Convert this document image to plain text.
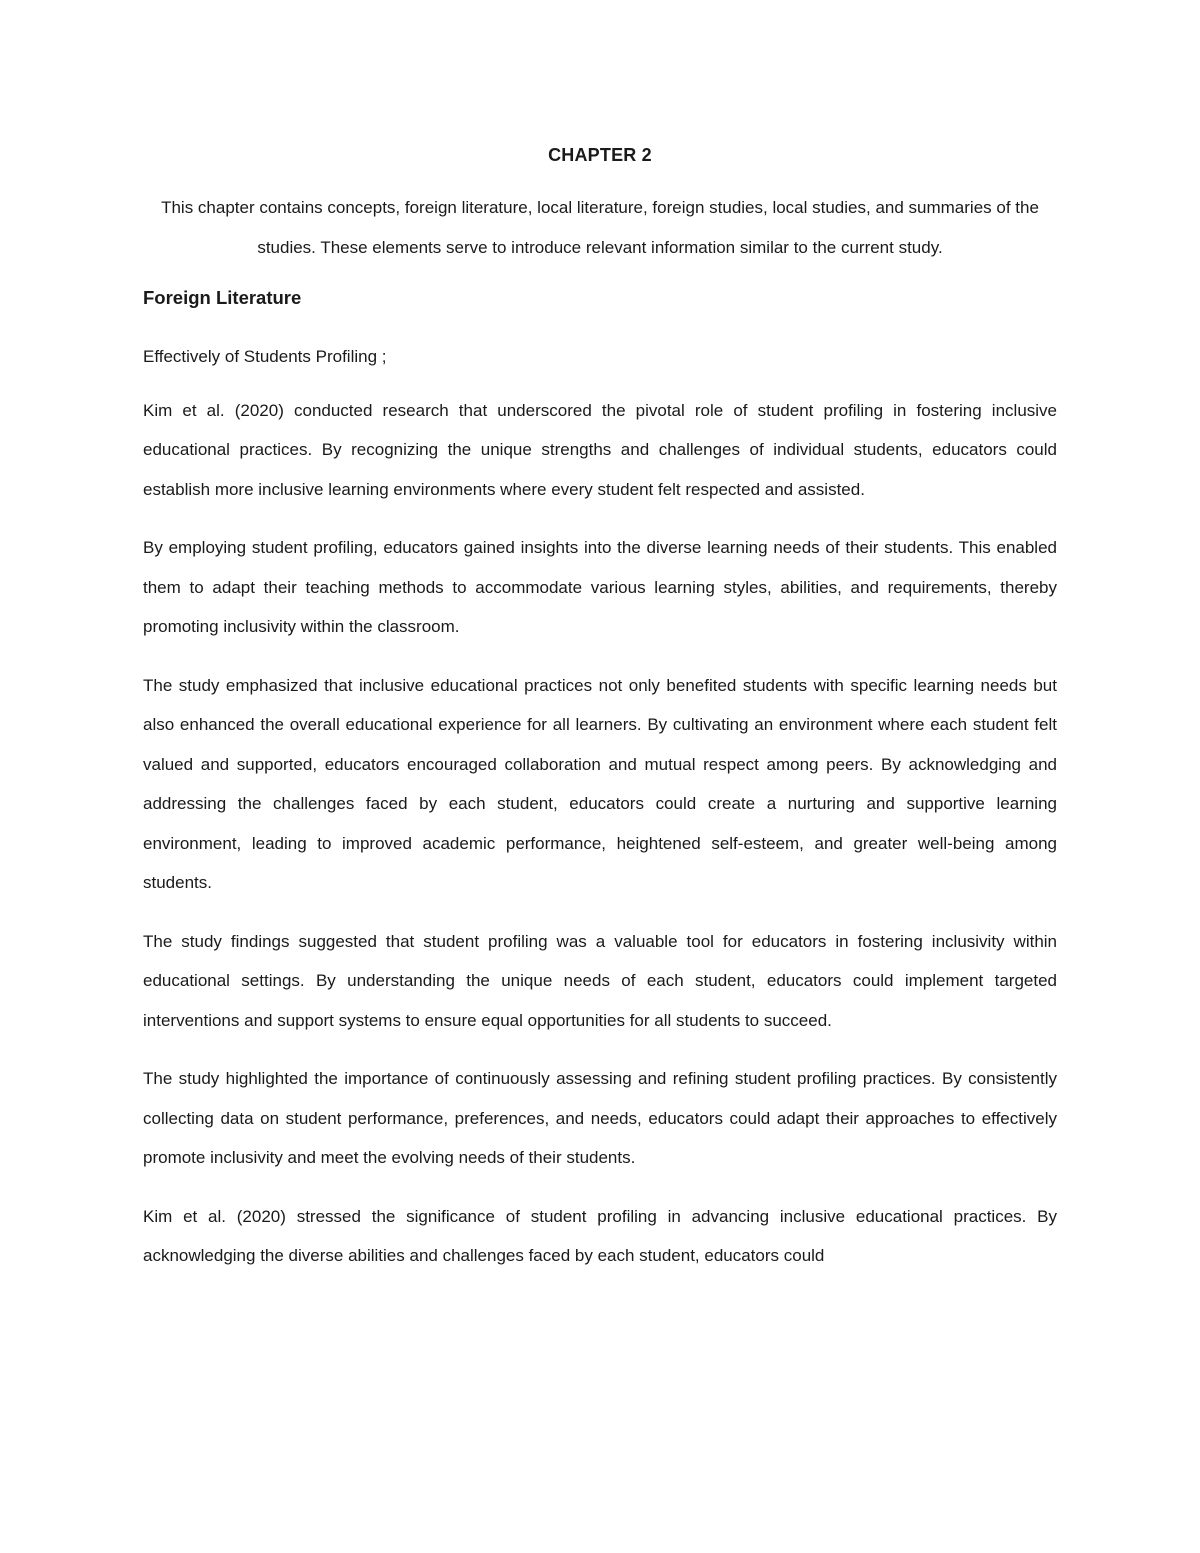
CHAPTER 2
This chapter contains concepts, foreign literature, local literature, foreign studies, local studies, and summaries of the studies. These elements serve to introduce relevant information similar to the current study.
Foreign Literature
Effectively of Students Profiling ;
Kim et al. (2020) conducted research that underscored the pivotal role of student profiling in fostering inclusive educational practices. By recognizing the unique strengths and challenges of individual students, educators could establish more inclusive learning environments where every student felt respected and assisted.
By employing student profiling, educators gained insights into the diverse learning needs of their students. This enabled them to adapt their teaching methods to accommodate various learning styles, abilities, and requirements, thereby promoting inclusivity within the classroom.
The study emphasized that inclusive educational practices not only benefited students with specific learning needs but also enhanced the overall educational experience for all learners. By cultivating an environment where each student felt valued and supported, educators encouraged collaboration and mutual respect among peers. By acknowledging and addressing the challenges faced by each student, educators could create a nurturing and supportive learning environment, leading to improved academic performance, heightened self-esteem, and greater well-being among students.
The study findings suggested that student profiling was a valuable tool for educators in fostering inclusivity within educational settings. By understanding the unique needs of each student, educators could implement targeted interventions and support systems to ensure equal opportunities for all students to succeed.
The study highlighted the importance of continuously assessing and refining student profiling practices. By consistently collecting data on student performance, preferences, and needs, educators could adapt their approaches to effectively promote inclusivity and meet the evolving needs of their students.
Kim et al. (2020) stressed the significance of student profiling in advancing inclusive educational practices. By acknowledging the diverse abilities and challenges faced by each student, educators could
